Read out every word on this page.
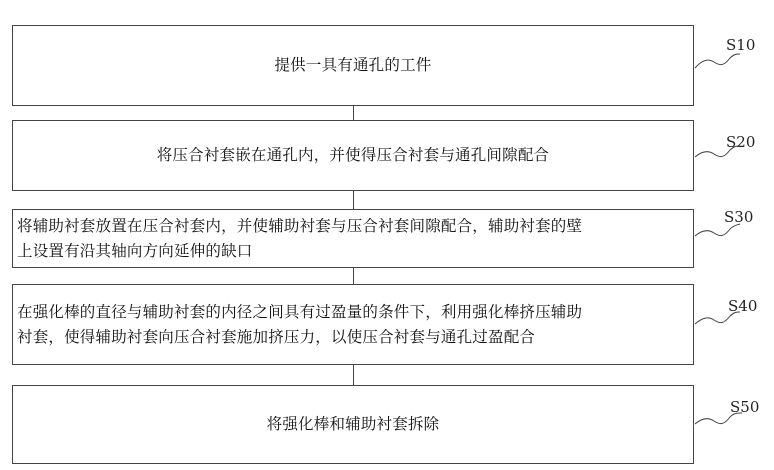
提供一具有通孔的工件
将压合衬套嵌在通孔内，并使得压合衬套与通孔间隙配合
将辅助衬套放置在压合衬套内，并使辅助衬套与压合衬套间隙配合，辅助衬套的壁
上设置有沿其轴向方向延伸的缺口
在强化棒的直径与辅助衬套的内径之间具有过盈量的条件下，利用强化棒挤压辅助
衬套，使得辅助衬套向压合衬套施加挤压力，以使压合衬套与通孔过盈配合
将强化棒和辅助衬套拆除
S10
S20
S30
S40
S50
